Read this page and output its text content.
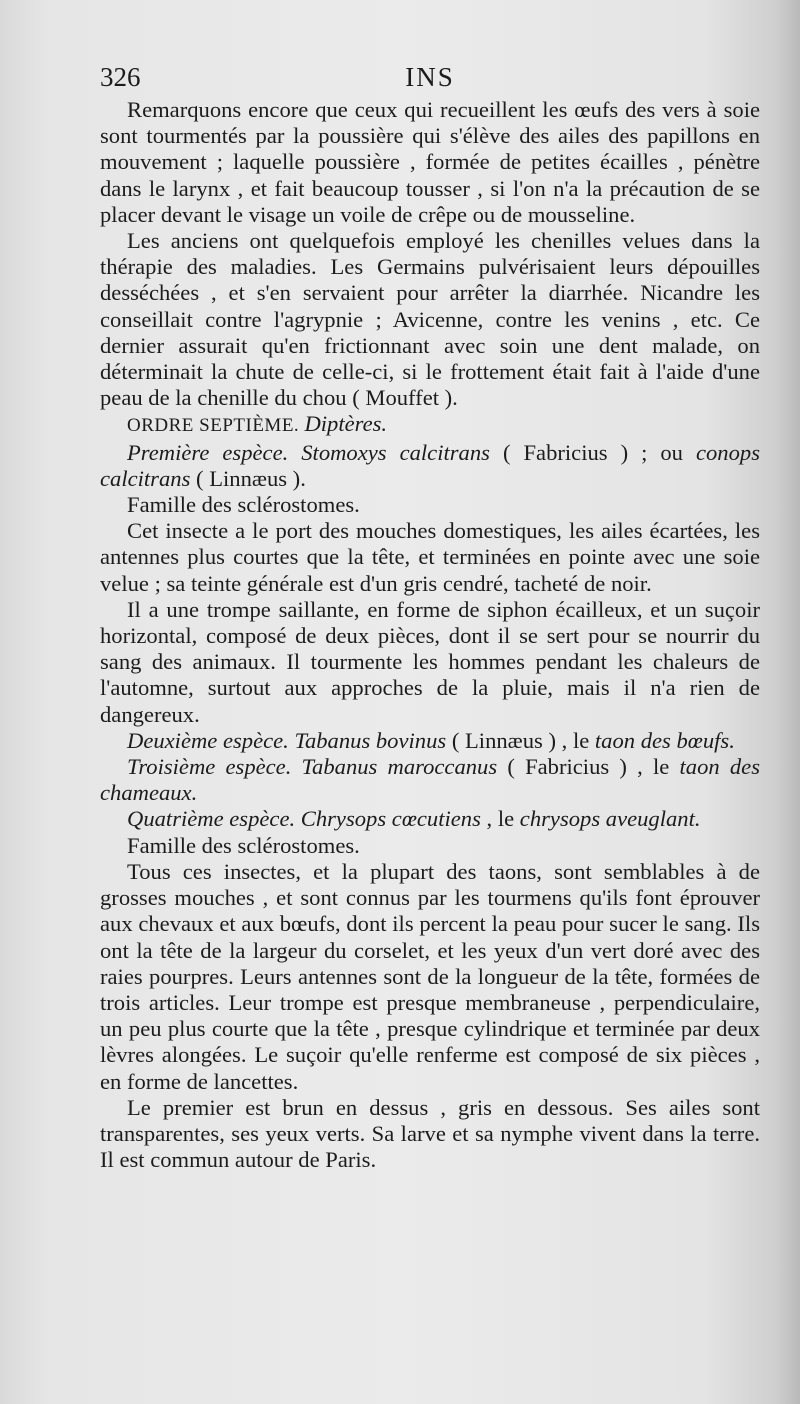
326	INS

Remarquons encore que ceux qui recueillent les œufs des vers à soie sont tourmentés par la poussière qui s'élève des ailes des papillons en mouvement ; laquelle poussière , formée de petites écailles , pénètre dans le larynx , et fait beaucoup tousser , si l'on n'a la précaution de se placer devant le visage un voile de crêpe ou de mousseline.

Les anciens ont quelquefois employé les chenilles velues dans la thérapie des maladies. Les Germains pulvérisaient leurs dépouilles desséchées , et s'en servaient pour arrêter la diarrhée. Nicandre les conseillait contre l'agrypnie ; Avicenne, contre les venins , etc. Ce dernier assurait qu'en frictionnant avec soin une dent malade, on déterminait la chute de celle-ci, si le frottement était fait à l'aide d'une peau de la chenille du chou ( Mouffet ).

ORDRE SEPTIÈME. Diptères.

Première espèce. Stomoxys calcitrans ( Fabricius ) ; ou conops calcitrans ( Linnæus ).

Famille des sclérostomes.

Cet insecte a le port des mouches domestiques, les ailes écartées, les antennes plus courtes que la tête, et terminées en pointe avec une soie velue ; sa teinte générale est d'un gris cendré, tacheté de noir.

Il a une trompe saillante, en forme de siphon écailleux, et un suçoir horizontal, composé de deux pièces, dont il se sert pour se nourrir du sang des animaux. Il tourmente les hommes pendant les chaleurs de l'automne, surtout aux approches de la pluie, mais il n'a rien de dangereux.

Deuxième espèce. Tabanus bovinus ( Linnæus ) , le taon des bœufs.

Troisième espèce. Tabanus maroccanus ( Fabricius ) , le taon des chameaux.

Quatrième espèce. Chrysops cœcutiens , le chrysops aveuglant.

Famille des sclérostomes.

Tous ces insectes, et la plupart des taons, sont semblables à de grosses mouches , et sont connus par les tourmens qu'ils font éprouver aux chevaux et aux bœufs, dont ils percent la peau pour sucer le sang. Ils ont la tête de la largeur du corselet, et les yeux d'un vert doré avec des raies pourpres. Leurs antennes sont de la longueur de la tête, formées de trois articles. Leur trompe est presque membraneuse , perpendiculaire, un peu plus courte que la tête , presque cylindrique et terminée par deux lèvres alongées. Le suçoir qu'elle renferme est composé de six pièces , en forme de lancettes.

Le premier est brun en dessus , gris en dessous. Ses ailes sont transparentes, ses yeux verts. Sa larve et sa nymphe vivent dans la terre. Il est commun autour de Paris.
